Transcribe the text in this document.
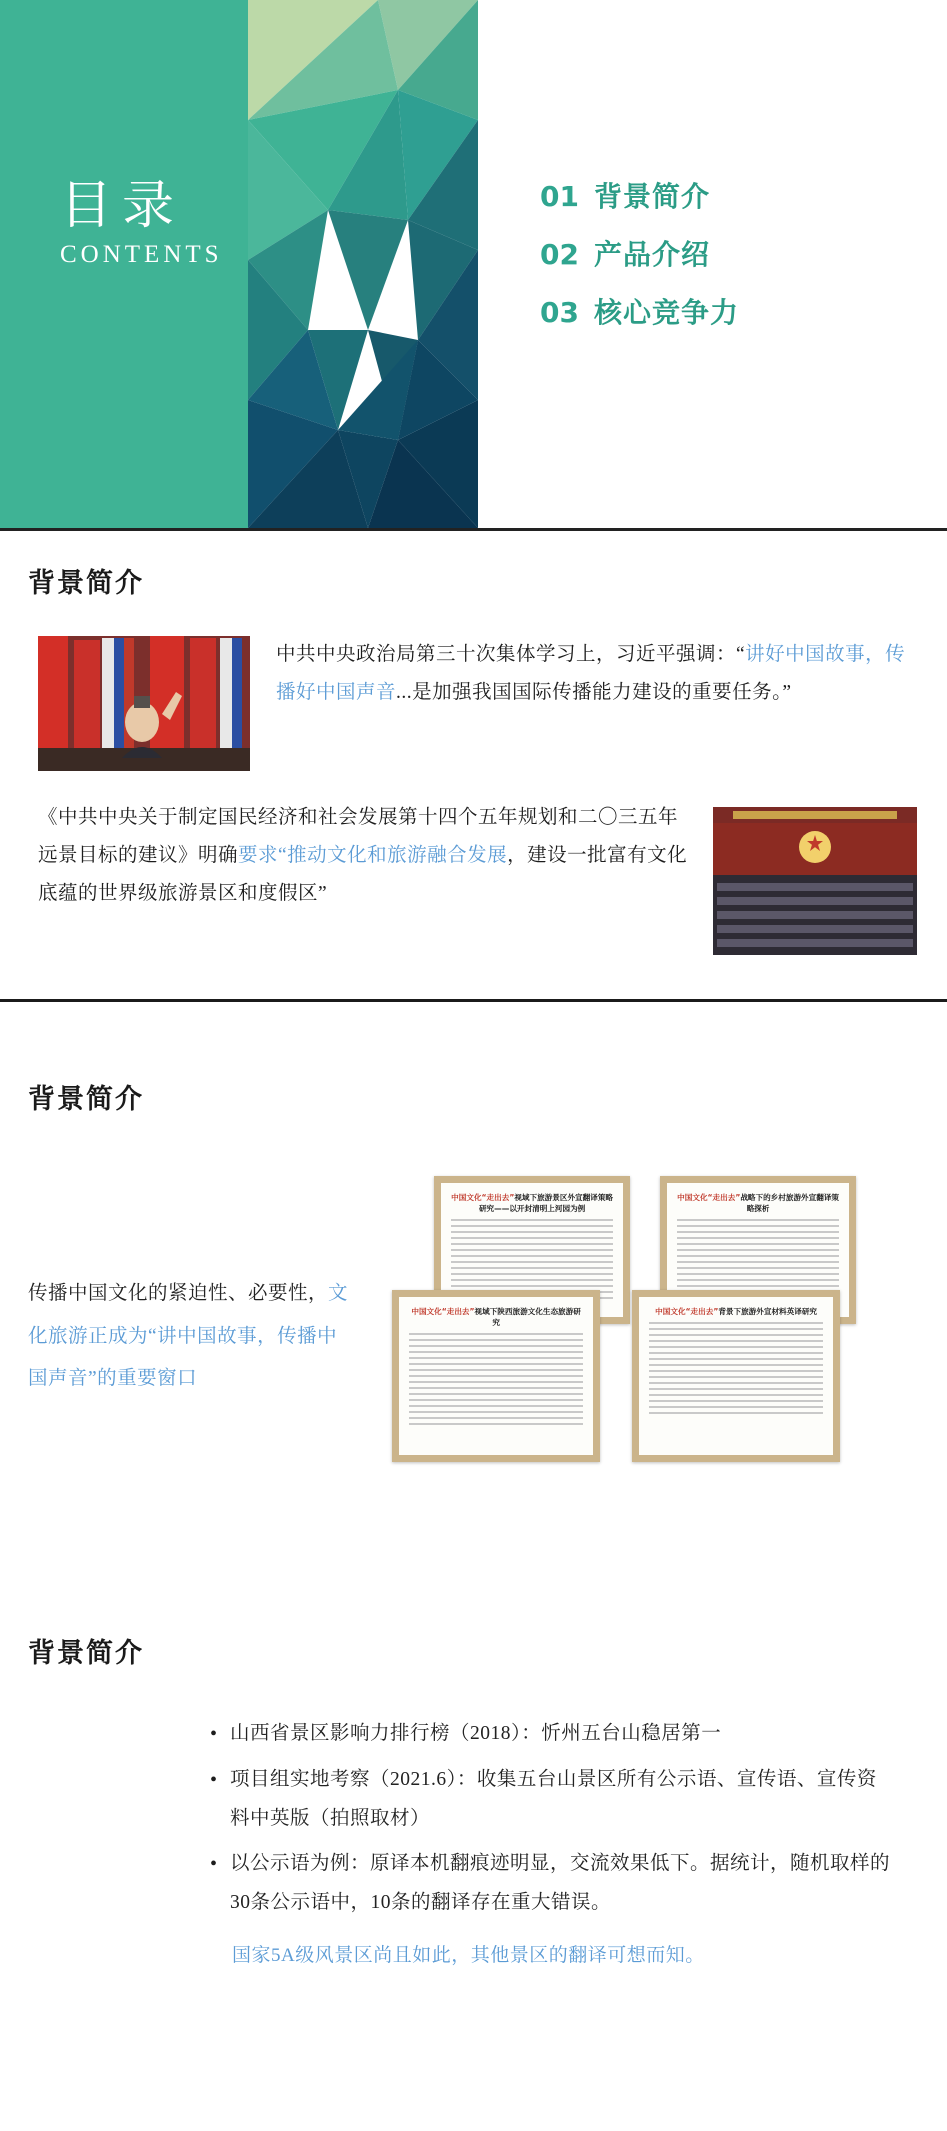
目录
CONTENTS
01 背景简介
02 产品介绍
03 核心竞争力
背景简介
中共中央政治局第三十次集体学习上，习近平强调：“讲好中国故事，传播好中国声音...是加强我国国际传播能力建设的重要任务。”
《中共中央关于制定国民经济和社会发展第十四个五年规划和二〇三五年远景目标的建议》明确要求“推动文化和旅游融合发展，建设一批富有文化底蕴的世界级旅游景区和度假区”
背景简介
传播中国文化的紧迫性、必要性，文化旅游正成为“讲中国故事，传播中国声音”的重要窗口
中国文化“走出去”视域下旅游景区外宣翻译策略研究——以开封清明上河园为例
中国文化“走出去”战略下的乡村旅游外宣翻译策略探析
中国文化“走出去”视域下陕西旅游文化生态旅游研究
中国文化“走出去”背景下旅游外宣材料英译研究
背景简介
• 山西省景区影响力排行榜（2018）：忻州五台山稳居第一
• 项目组实地考察（2021.6）：收集五台山景区所有公示语、宣传语、宣传资料中英版（拍照取材）
• 以公示语为例：原译本机翻痕迹明显，交流效果低下。据统计，随机取样的30条公示语中，10条的翻译存在重大错误。
国家5A级风景区尚且如此，其他景区的翻译可想而知。
